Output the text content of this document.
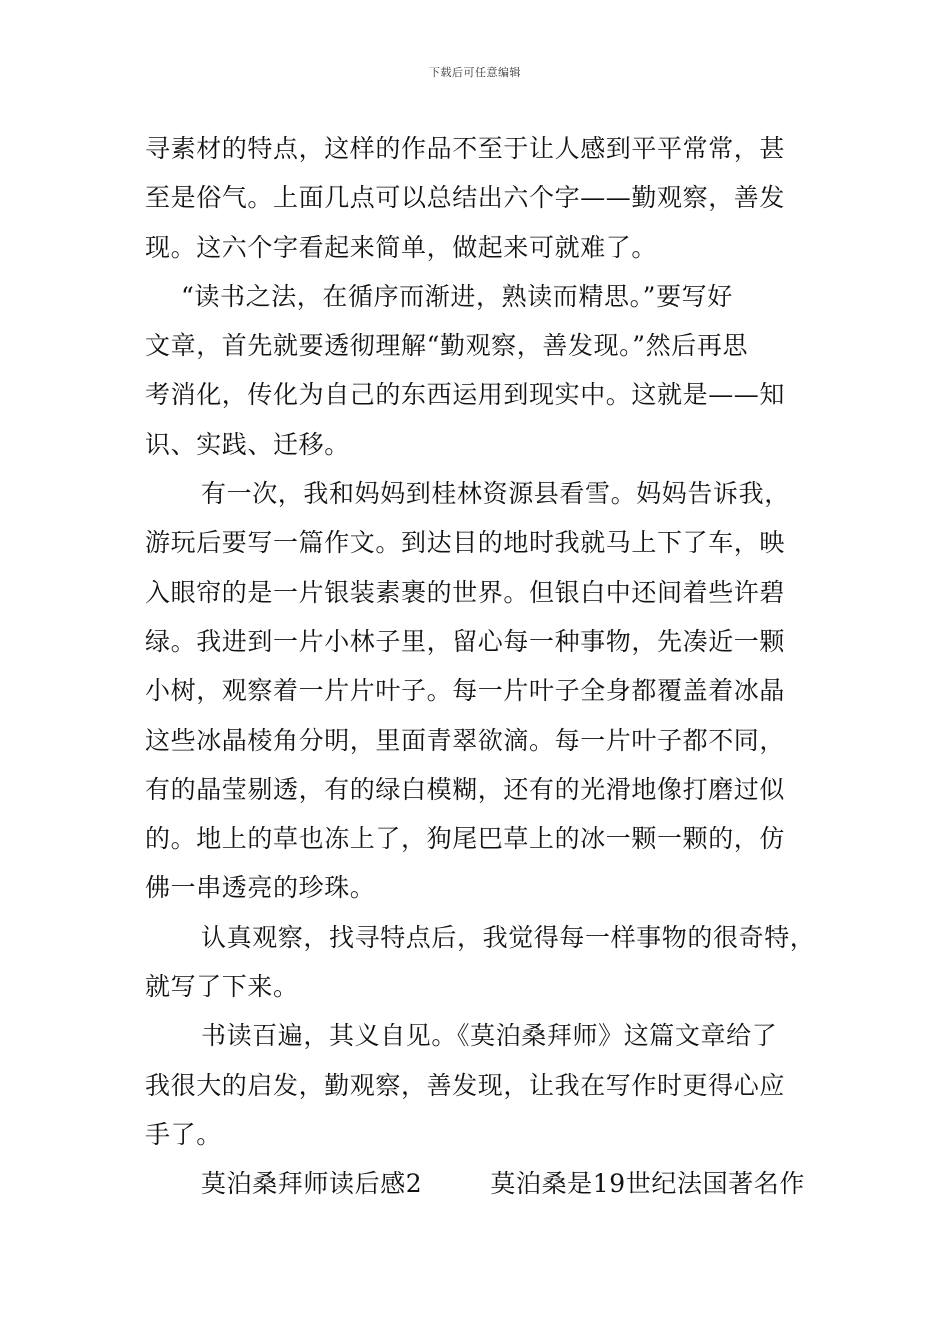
下载后可任意编辑
寻素材的特点，这样的作品不至于让人感到平平常常，甚
至是俗气。上面几点可以总结出六个字——勤观察，善发
现。这六个字看起来简单，做起来可就难了。
“读书之法，在循序而渐进，熟读而精思。”要写好
文章，首先就要透彻理解“勤观察，善发现。”然后再思
考消化，传化为自己的东西运用到现实中。这就是——知
识、实践、迁移。
有一次，我和妈妈到桂林资源县看雪。妈妈告诉我，
游玩后要写一篇作文。到达目的地时我就马上下了车，映
入眼帘的是一片银装素裹的世界。但银白中还间着些许碧
绿。我进到一片小林子里，留心每一种事物，先凑近一颗
小树，观察着一片片叶子。每一片叶子全身都覆盖着冰晶
这些冰晶棱角分明，里面青翠欲滴。每一片叶子都不同，
有的晶莹剔透，有的绿白模糊，还有的光滑地像打磨过似
的。地上的草也冻上了，狗尾巴草上的冰一颗一颗的，仿
佛一串透亮的珍珠。
认真观察，找寻特点后，我觉得每一样事物的很奇特，
就写了下来。
书读百遍，其义自见。《莫泊桑拜师》这篇文章给了
我很大的启发，勤观察，善发现，让我在写作时更得心应
手了。
莫泊桑拜师读后感2	莫泊桑是19世纪法国著名作
